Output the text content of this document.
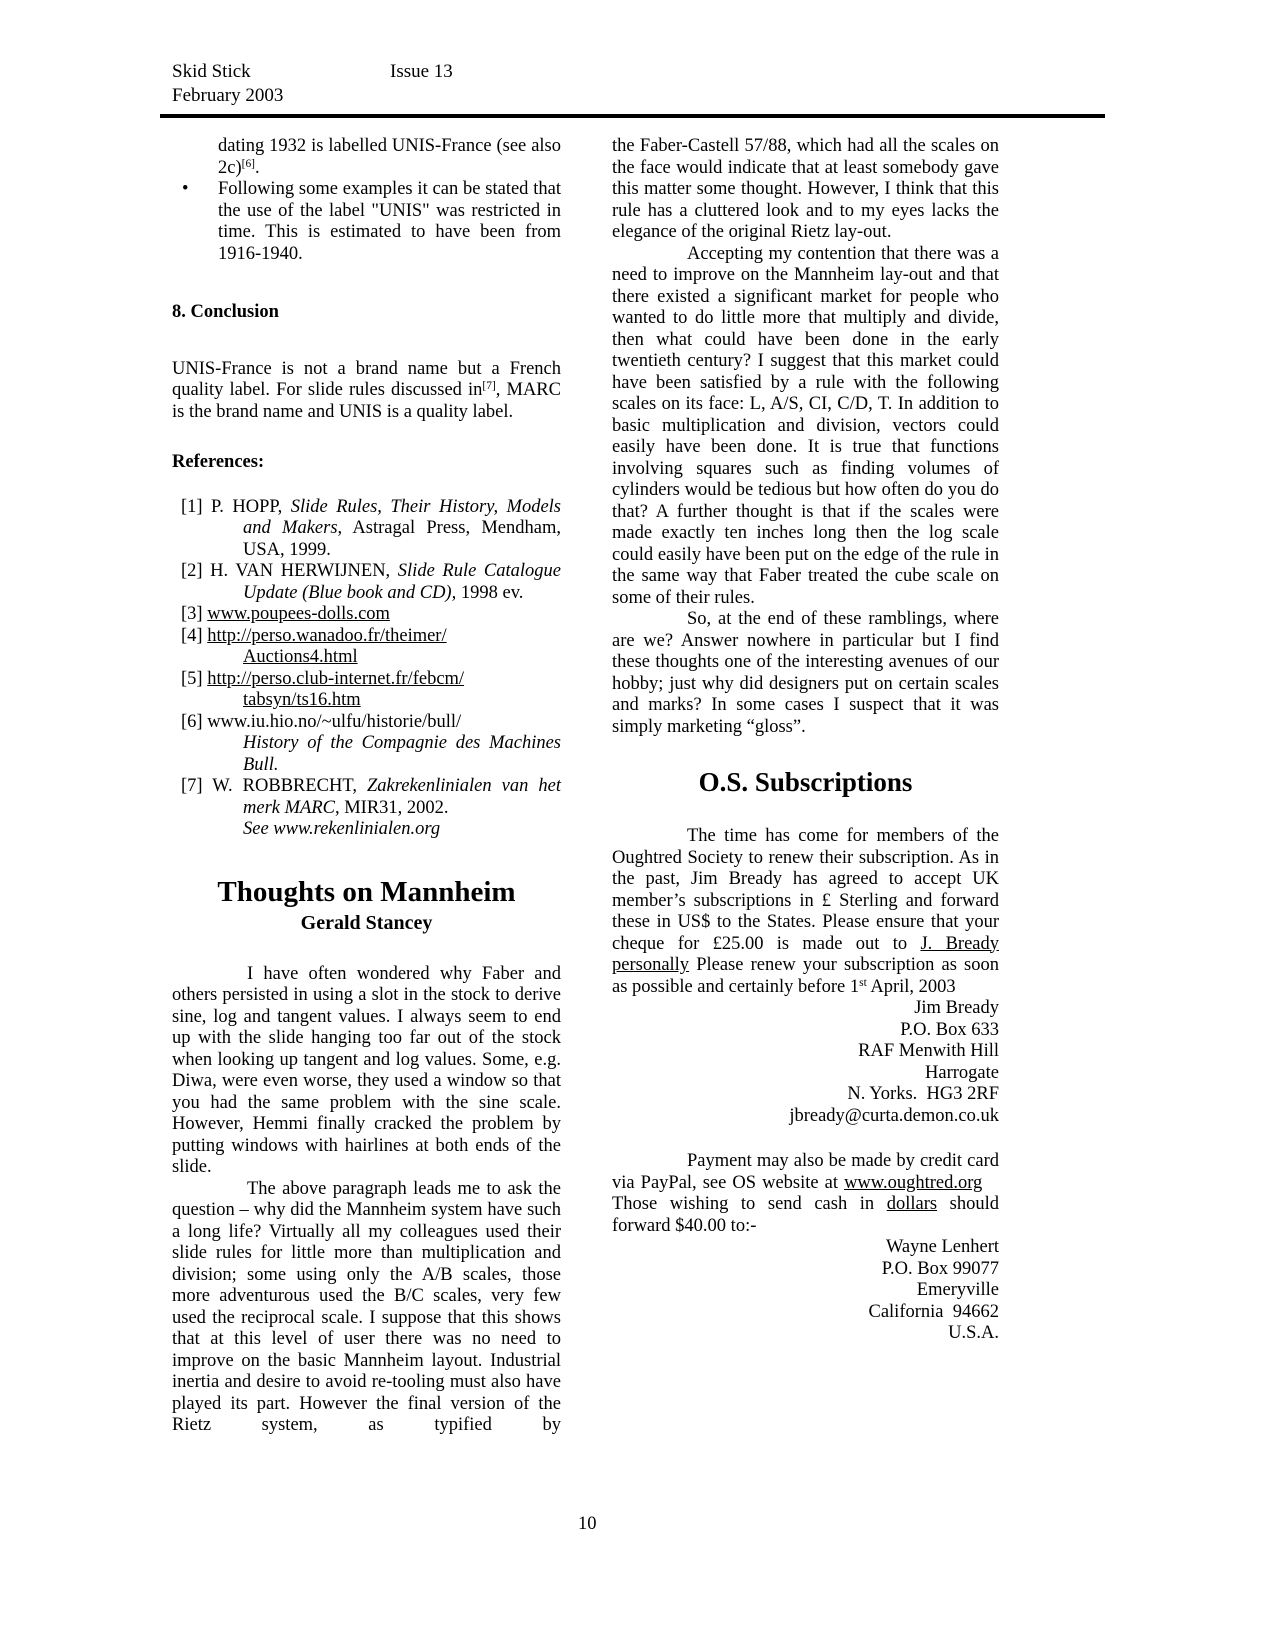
Skid Stick	Issue 13
February 2003
dating 1932 is labelled UNIS-France (see also 2c)[6].
• Following some examples it can be stated that the use of the label "UNIS" was restricted in time. This is estimated to have been from 1916-1940.
8. Conclusion
UNIS-France is not a brand name but a French quality label. For slide rules discussed in[7], MARC is the brand name and UNIS is a quality label.
References:
[1] P. HOPP, Slide Rules, Their History, Models and Makers, Astragal Press, Mendham, USA, 1999.
[2] H. VAN HERWIJNEN, Slide Rule Catalogue Update (Blue book and CD), 1998 ev.
[3] www.poupees-dolls.com
[4] http://perso.wanadoo.fr/theimer/​Auctions4.html
[5] http://perso.club-internet.fr/febcm/​tabsyn/ts16.htm
[6] www.iu.hio.no/~ulfu/historie/bull/
History of the Compagnie des Machines Bull.
[7] W. ROBBRECHT, Zakrekenlinialen van het merk MARC, MIR31, 2002.
See www.rekenlinialen.org
Thoughts on Mannheim
Gerald Stancey
I have often wondered why Faber and others persisted in using a slot in the stock to derive sine, log and tangent values. I always seem to end up with the slide hanging too far out of the stock when looking up tangent and log values. Some, e.g. Diwa, were even worse, they used a window so that you had the same problem with the sine scale. However, Hemmi finally cracked the problem by putting windows with hairlines at both ends of the slide.
The above paragraph leads me to ask the question – why did the Mannheim system have such a long life? Virtually all my colleagues used their slide rules for little more than multiplication and division; some using only the A/B scales, those more adventurous used the B/C scales, very few used the reciprocal scale. I suppose that this shows that at this level of user there was no need to improve on the basic Mannheim layout. Industrial inertia and desire to avoid re-tooling must also have played its part. However the final version of the Rietz system, as typified by
the Faber-Castell 57/88, which had all the scales on the face would indicate that at least somebody gave this matter some thought. However, I think that this rule has a cluttered look and to my eyes lacks the elegance of the original Rietz lay-out.
Accepting my contention that there was a need to improve on the Mannheim lay-out and that there existed a significant market for people who wanted to do little more that multiply and divide, then what could have been done in the early twentieth century? I suggest that this market could have been satisfied by a rule with the following scales on its face: L, A/S, CI, C/D, T. In addition to basic multiplication and division, vectors could easily have been done. It is true that functions involving squares such as finding volumes of cylinders would be tedious but how often do you do that? A further thought is that if the scales were made exactly ten inches long then the log scale could easily have been put on the edge of the rule in the same way that Faber treated the cube scale on some of their rules.
So, at the end of these ramblings, where are we? Answer nowhere in particular but I find these thoughts one of the interesting avenues of our hobby; just why did designers put on certain scales and marks? In some cases I suspect that it was simply marketing “gloss”.
O.S. Subscriptions
The time has come for members of the Oughtred Society to renew their subscription. As in the past, Jim Bready has agreed to accept UK member’s subscriptions in £ Sterling and forward these in US$ to the States. Please ensure that your cheque for £25.00 is made out to J. Bready personally Please renew your subscription as soon as possible and certainly before 1st April, 2003
Jim Bready
P.O. Box 633
RAF Menwith Hill
Harrogate
N. Yorks.  HG3 2RF
jbready@curta.demon.co.uk
Payment may also be made by credit card via PayPal, see OS website at www.oughtred.org    Those wishing to send cash in dollars should forward $40.00 to:-
Wayne Lenhert
P.O. Box 99077
Emeryville
California  94662
U.S.A.
10
